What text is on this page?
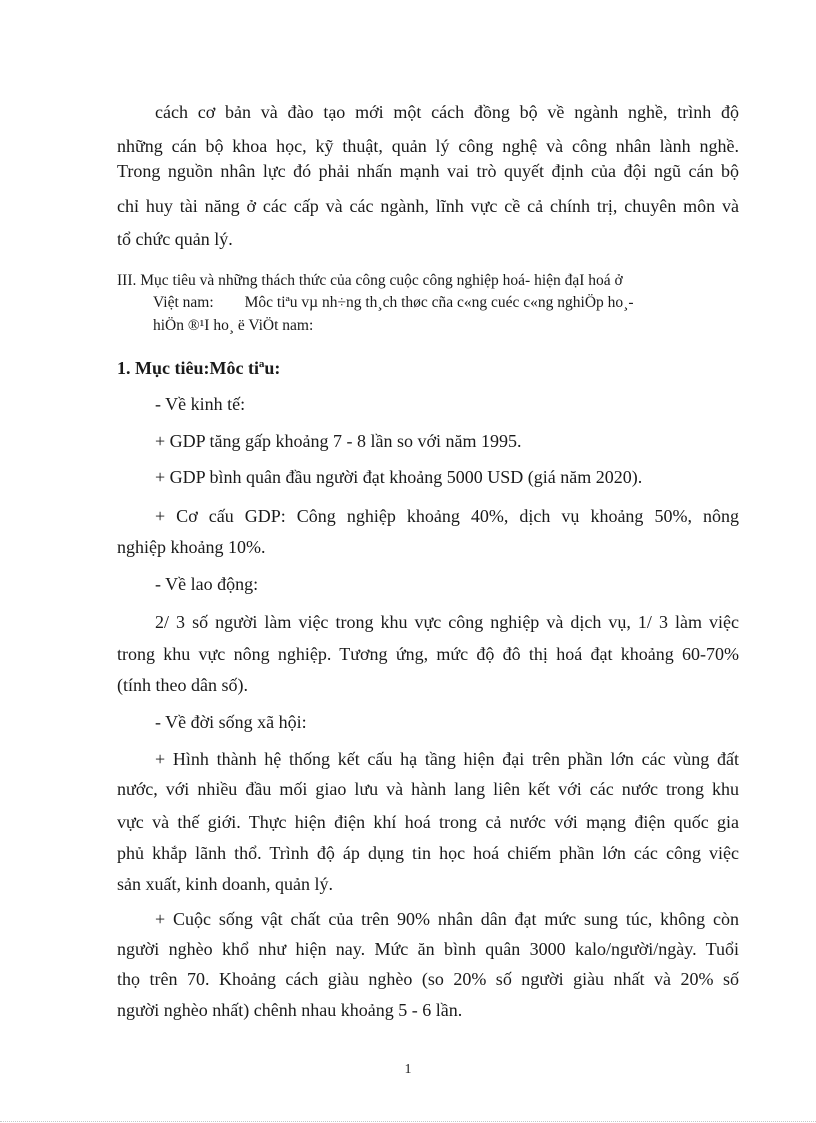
cách cơ bản và đào tạo mới một cách đồng bộ về ngành nghề, trình độ
những cán bộ khoa học, kỹ thuật, quản lý công nghệ và công nhân lành nghề.
Trong nguồn nhân lực đó phải nhấn mạnh vai trò quyết định của đội ngũ cán bộ
chỉ huy tài năng ở các cấp và các ngành, lĩnh vực cề cả chính trị, chuyên môn và
tổ chức quản lý.
III. Mục tiêu và những thách thức của công cuộc công nghiệp hoá- hiện đạI hoá ở
Việt nam:        Môc tiªu vµ nh÷ng th¸ch thøc cña c«ng cuéc c«ng nghiÖp ho¸-
hiÖn ®¹I ho¸ ë ViÖt nam:
1. Mục tiêu:Môc tiªu:
- Về kinh tế:
+ GDP tăng gấp khoảng 7 - 8 lần so với năm 1995.
+ GDP bình quân đầu người đạt khoảng 5000 USD (giá năm 2020).
+ Cơ cấu GDP: Công nghiệp khoảng 40%, dịch vụ khoảng 50%, nông
nghiệp khoảng 10%.
- Về lao động:
2/ 3 số người làm việc trong khu vực công nghiệp và dịch vụ, 1/ 3 làm việc
trong khu vực nông nghiệp. Tương ứng, mức độ đô thị hoá đạt khoảng 60-70%
(tính theo dân số).
- Về đời sống xã hội:
+ Hình thành hệ thống kết cấu hạ tầng hiện đại trên phần lớn các vùng đất
nước, với nhiều đầu mối giao lưu và hành lang liên kết với các nước trong khu
vực và thế giới. Thực hiện điện khí hoá trong cả nước với mạng điện quốc gia
phủ khắp lãnh thổ. Trình độ áp dụng tin học hoá chiếm phần lớn các công việc
sản xuất, kinh doanh, quản lý.
+ Cuộc sống vật chất của trên 90% nhân dân đạt mức sung túc, không còn
người nghèo khổ như hiện nay. Mức ăn bình quân 3000 kalo/người/ngày. Tuổi
thọ trên 70. Khoảng cách giàu nghèo (so 20% số người giàu nhất và 20% số
người nghèo nhất) chênh nhau khoảng 5 - 6 lần.
1
